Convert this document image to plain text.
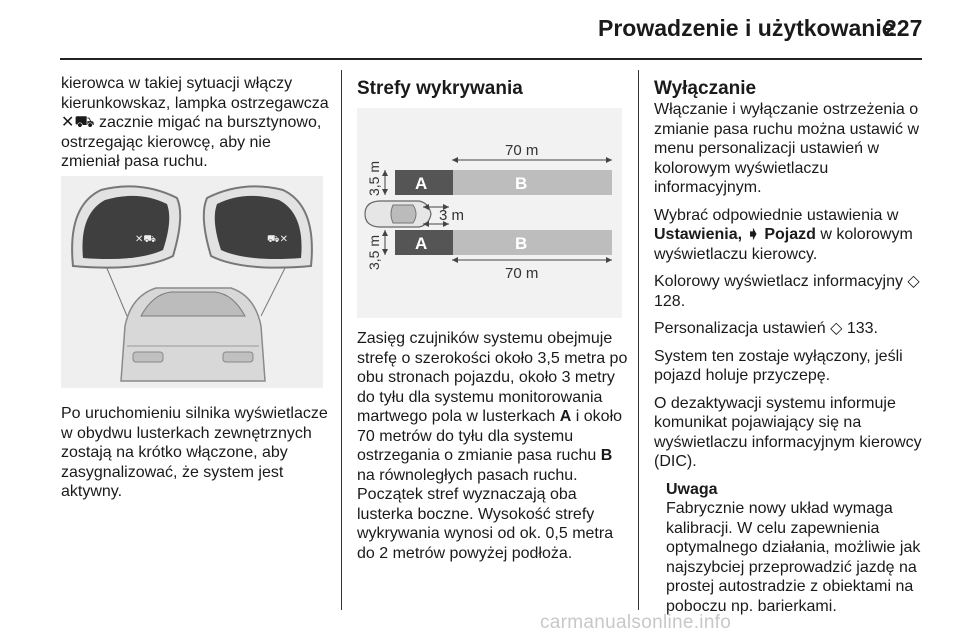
Prowadzenie i użytkowanie
227

kierowca w takiej sytuacji włączy kierunkowskaz, lampka ostrzegawcza ✕⛟ zacznie migać na bursztynowo, ostrzegając kierowcę, aby nie zmieniał pasa ruchu.

✕⛟	⛟✕

Po uruchomieniu silnika wyświetlacze w obydwu lusterkach zewnętrznych zostają na krótko włączone, aby zasygnalizować, że system jest aktywny.

Strefy wykrywania
70 m
A	B
3,5 m
3 m
A	B
3,5 m
70 m

Zasięg czujników systemu obejmuje strefę o szerokości około 3,5 metra po obu stronach pojazdu, około 3 metry do tyłu dla systemu monitorowania martwego pola w lusterkach A i około 70 metrów do tyłu dla systemu ostrzegania o zmianie pasa ruchu B na równoległych pasach ruchu. Początek stref wyznaczają oba lusterka boczne. Wysokość strefy wykrywania wynosi od ok. 0,5 metra do 2 metrów powyżej podłoża.

Wyłączanie

Włączanie i wyłączanie ostrzeżenia o zmianie pasa ruchu można ustawić w menu personalizacji ustawień w kolorowym wyświetlaczu informacyjnym.

Wybrać odpowiednie ustawienia w Ustawienia, ➧ Pojazd w kolorowym wyświetlaczu kierowcy.

Kolorowy wyświetlacz informacyjny ◇ 128.

Personalizacja ustawień ◇ 133.

System ten zostaje wyłączony, jeśli pojazd holuje przyczepę.

O dezaktywacji systemu informuje komunikat pojawiający się na wyświetlaczu informacyjnym kierowcy (DIC).

Uwaga
Fabrycznie nowy układ wymaga kalibracji. W celu zapewnienia optymalnego działania, możliwie jak najszybciej przeprowadzić jazdę na prostej autostradzie z obiektami na poboczu np. barierkami.
carmanualsonline.info
